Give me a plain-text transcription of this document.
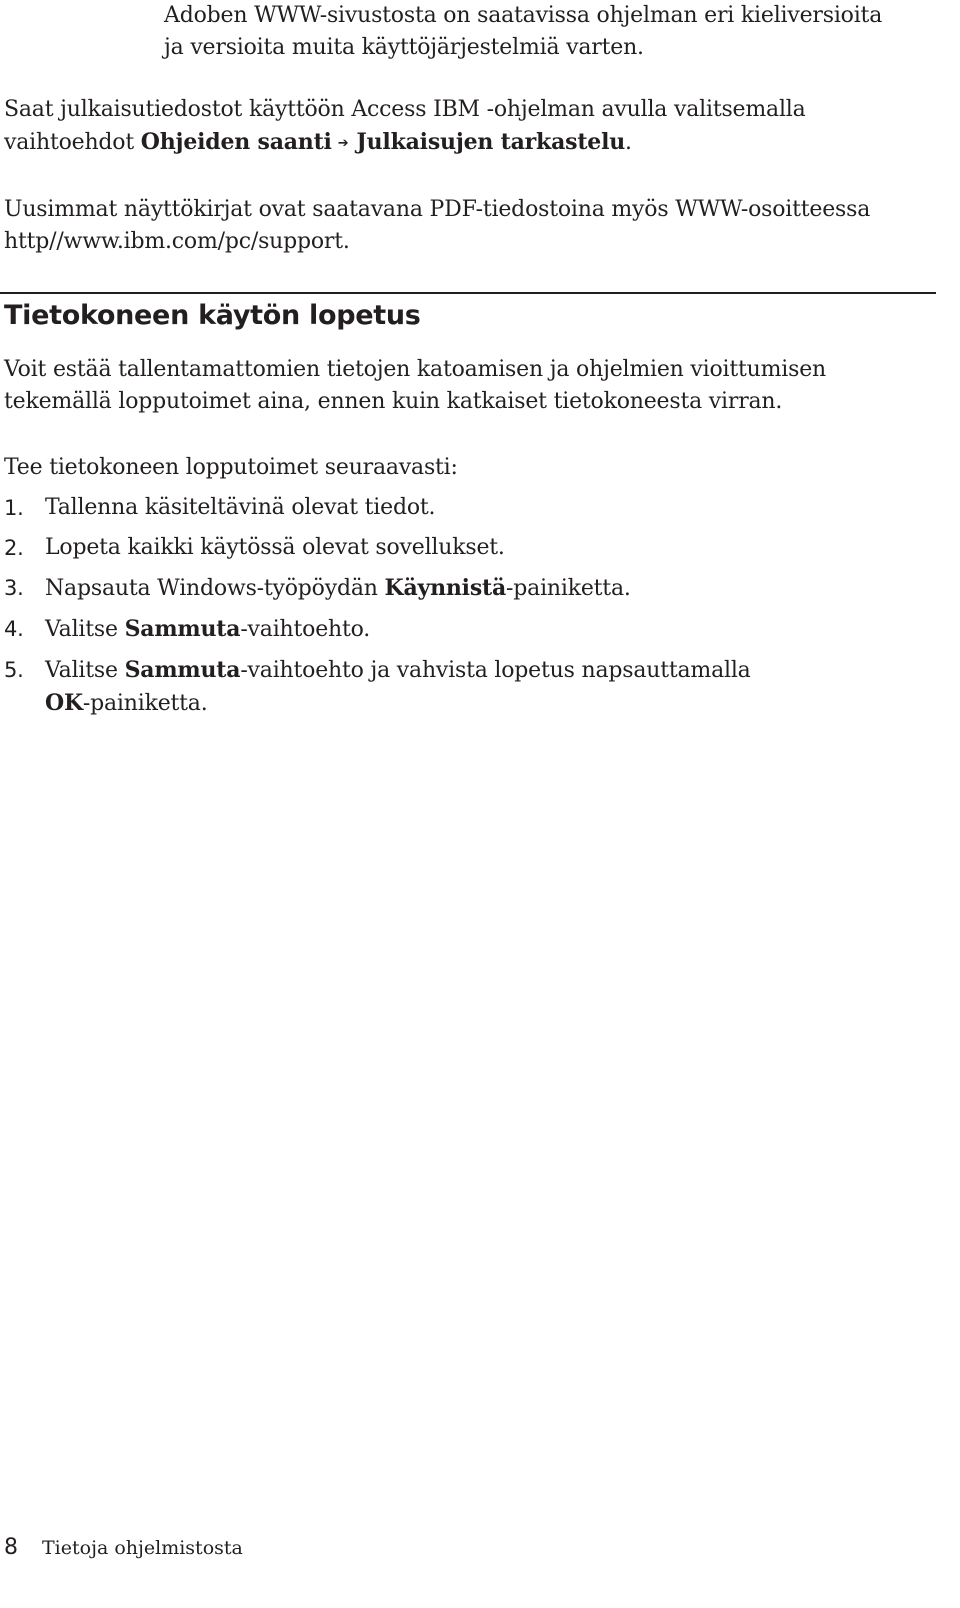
Adoben WWW-sivustosta on saatavissa ohjelman eri kieliversioita
ja versioita muita käyttöjärjestelmiä varten.

Saat julkaisutiedostot käyttöön Access IBM -ohjelman avulla valitsemalla
vaihtoehdot Ohjeiden saanti ➔ Julkaisujen tarkastelu.

Uusimmat näyttökirjat ovat saatavana PDF-tiedostoina myös WWW-osoitteessa
http//www.ibm.com/pc/support.

Tietokoneen käytön lopetus

Voit estää tallentamattomien tietojen katoamisen ja ohjelmien vioittumisen
tekemällä lopputoimet aina, ennen kuin katkaiset tietokoneesta virran.

Tee tietokoneen lopputoimet seuraavasti:

1. Tallenna käsiteltävinä olevat tiedot.
2. Lopeta kaikki käytössä olevat sovellukset.
3. Napsauta Windows-työpöydän Käynnistä-painiketta.
4. Valitse Sammuta-vaihtoehto.
5. Valitse Sammuta-vaihtoehto ja vahvista lopetus napsauttamalla
OK-painiketta.
8 Tietoja ohjelmistosta
